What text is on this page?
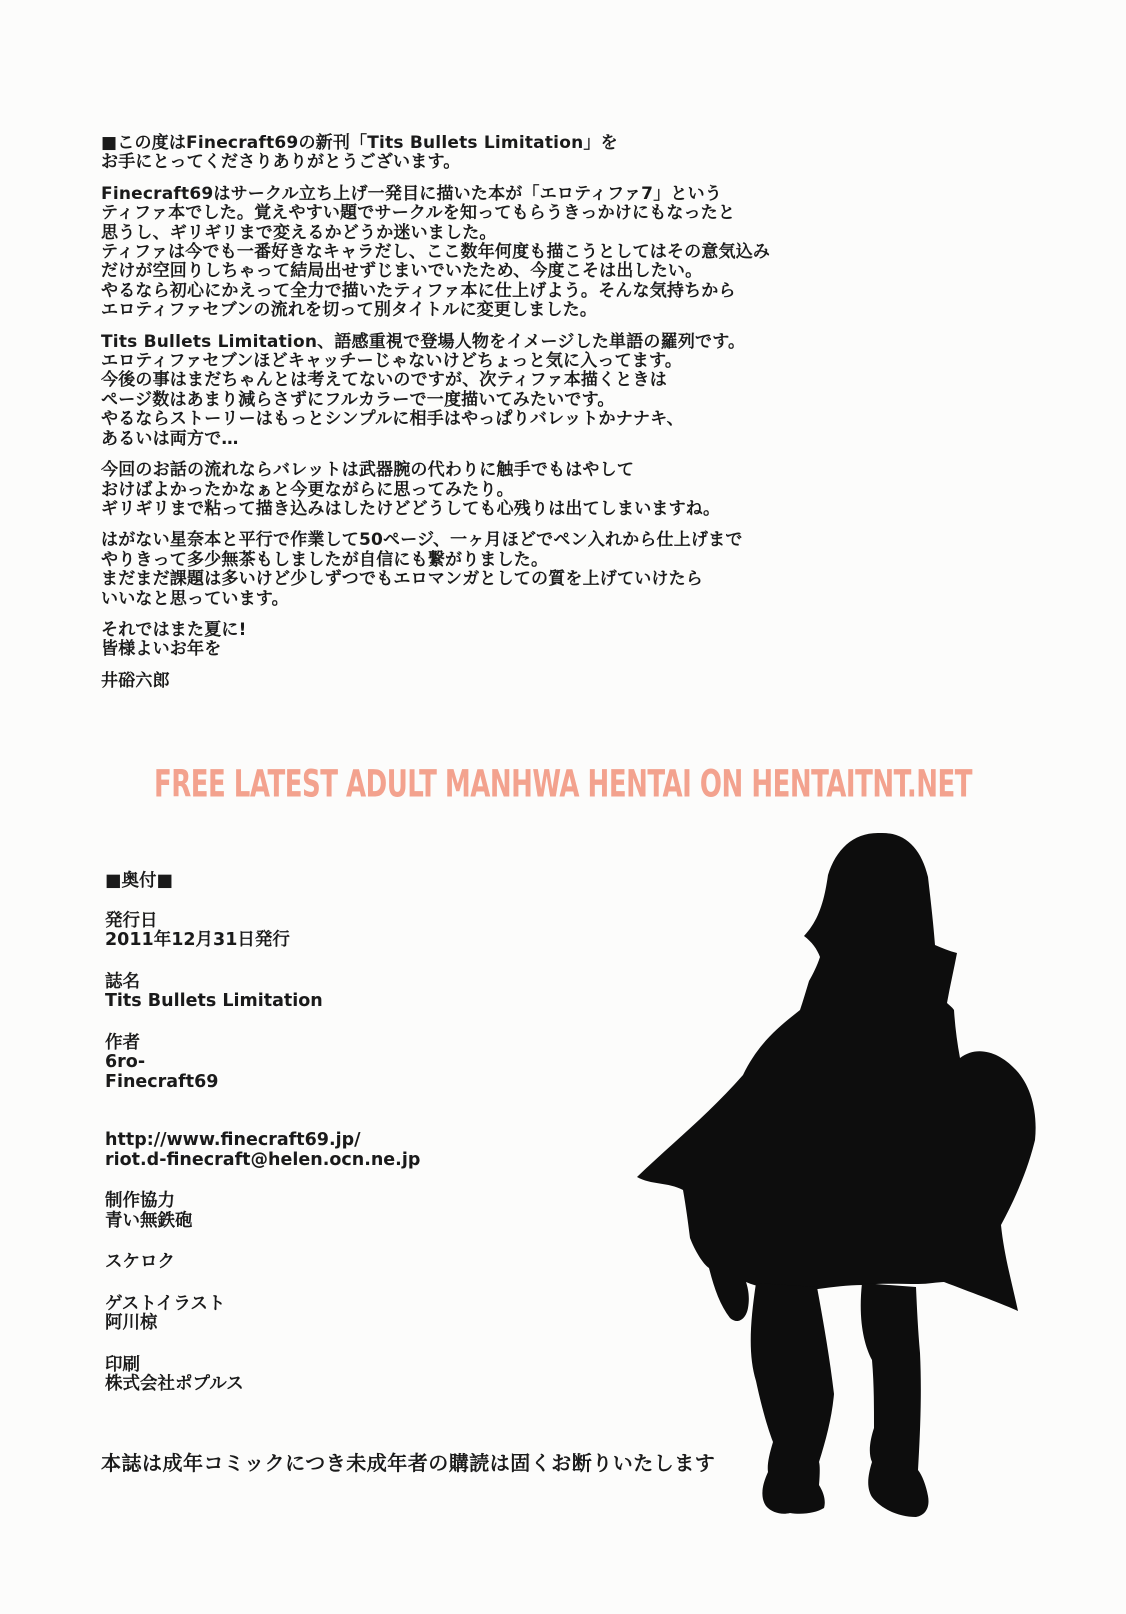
■この度はFinecraft69の新刊「Tits Bullets Limitation」を
お手にとってくださりありがとうございます。
Finecraft69はサークル立ち上げ一発目に描いた本が「エロティファ7」という
ティファ本でした。覚えやすい題でサークルを知ってもらうきっかけにもなったと
思うし、ギリギリまで変えるかどうか迷いました。
ティファは今でも一番好きなキャラだし、ここ数年何度も描こうとしてはその意気込み
だけが空回りしちゃって結局出せずじまいでいたため、今度こそは出したい。
やるなら初心にかえって全力で描いたティファ本に仕上げよう。そんな気持ちから
エロティファセブンの流れを切って別タイトルに変更しました。
Tits Bullets Limitation、語感重視で登場人物をイメージした単語の羅列です。
エロティファセブンほどキャッチーじゃないけどちょっと気に入ってます。
今後の事はまだちゃんとは考えてないのですが、次ティファ本描くときは
ページ数はあまり減らさずにフルカラーで一度描いてみたいです。
やるならストーリーはもっとシンプルに相手はやっぱりバレットかナナキ、
あるいは両方で…
今回のお話の流れならバレットは武器腕の代わりに触手でもはやして
おけばよかったかなぁと今更ながらに思ってみたり。
ギリギリまで粘って描き込みはしたけどどうしても心残りは出てしまいますね。
はがない星奈本と平行で作業して50ページ、一ヶ月ほどでペン入れから仕上げまで
やりきって多少無茶もしましたが自信にも繋がりました。
まだまだ課題は多いけど少しずつでもエロマンガとしての質を上げていけたら
いいなと思っています。
それではまた夏に!
皆様よいお年を
井硲六郎
FREE LATEST ADULT MANHWA HENTAI ON HENTAITNT.NET
■奥付■
発行日
2011年12月31日発行
誌名
Tits Bullets Limitation
作者
6ro-
Finecraft69
http://www.finecraft69.jp/
riot.d-finecraft@helen.ocn.ne.jp
制作協力
青い無鉄砲
スケロク
ゲストイラスト
阿川椋
印刷
株式会社ポプルス
本誌は成年コミックにつき未成年者の購読は固くお断りいたします
